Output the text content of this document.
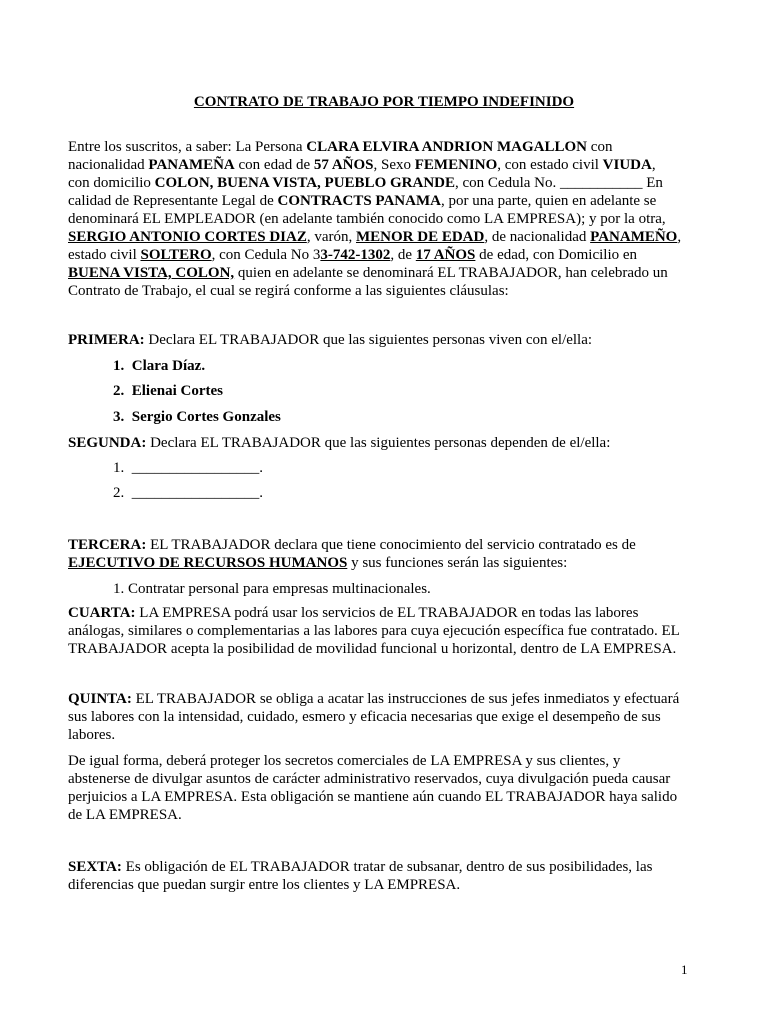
CONTRATO DE TRABAJO POR TIEMPO INDEFINIDO
Entre los suscritos, a saber: La Persona CLARA ELVIRA ANDRION MAGALLON con
nacionalidad PANAMEÑA con edad de 57 AÑOS, Sexo FEMENINO, con estado civil VIUDA,
con domicilio COLON, BUENA VISTA, PUEBLO GRANDE, con Cedula No. ___________ En
calidad de Representante Legal de CONTRACTS PANAMA, por una parte, quien en adelante se
denominará EL EMPLEADOR (en adelante también conocido como LA EMPRESA); y por la otra,
SERGIO ANTONIO CORTES DIAZ, varón, MENOR DE EDAD, de nacionalidad PANAMEÑO,
estado civil SOLTERO, con Cedula No 33-742-1302, de 17 AÑOS de edad, con Domicilio en
BUENA VISTA, COLON, quien en adelante se denominará EL TRABAJADOR, han celebrado un
Contrato de Trabajo, el cual se regirá conforme a las siguientes cláusulas:
PRIMERA: Declara EL TRABAJADOR que las siguientes personas viven con el/ella:
1. Clara Díaz.
2. Elienai Cortes
3. Sergio Cortes Gonzales
SEGUNDA: Declara EL TRABAJADOR que las siguientes personas dependen de el/ella:
1. _________________.
2. _________________.
TERCERA: EL TRABAJADOR declara que tiene conocimiento del servicio contratado es de
EJECUTIVO DE RECURSOS HUMANOS y sus funciones serán las siguientes:
1. Contratar personal para empresas multinacionales.
CUARTA: LA EMPRESA podrá usar los servicios de EL TRABAJADOR en todas las labores
análogas, similares o complementarias a las labores para cuya ejecución específica fue contratado. EL
TRABAJADOR acepta la posibilidad de movilidad funcional u horizontal, dentro de LA EMPRESA.
QUINTA: EL TRABAJADOR se obliga a acatar las instrucciones de sus jefes inmediatos y efectuará
sus labores con la intensidad, cuidado, esmero y eficacia necesarias que exige el desempeño de sus
labores.
De igual forma, deberá proteger los secretos comerciales de LA EMPRESA y sus clientes, y
abstenerse de divulgar asuntos de carácter administrativo reservados, cuya divulgación pueda causar
perjuicios a LA EMPRESA. Esta obligación se mantiene aún cuando EL TRABAJADOR haya salido
de LA EMPRESA.
SEXTA: Es obligación de EL TRABAJADOR tratar de subsanar, dentro de sus posibilidades, las
diferencias que puedan surgir entre los clientes y LA EMPRESA.
1
